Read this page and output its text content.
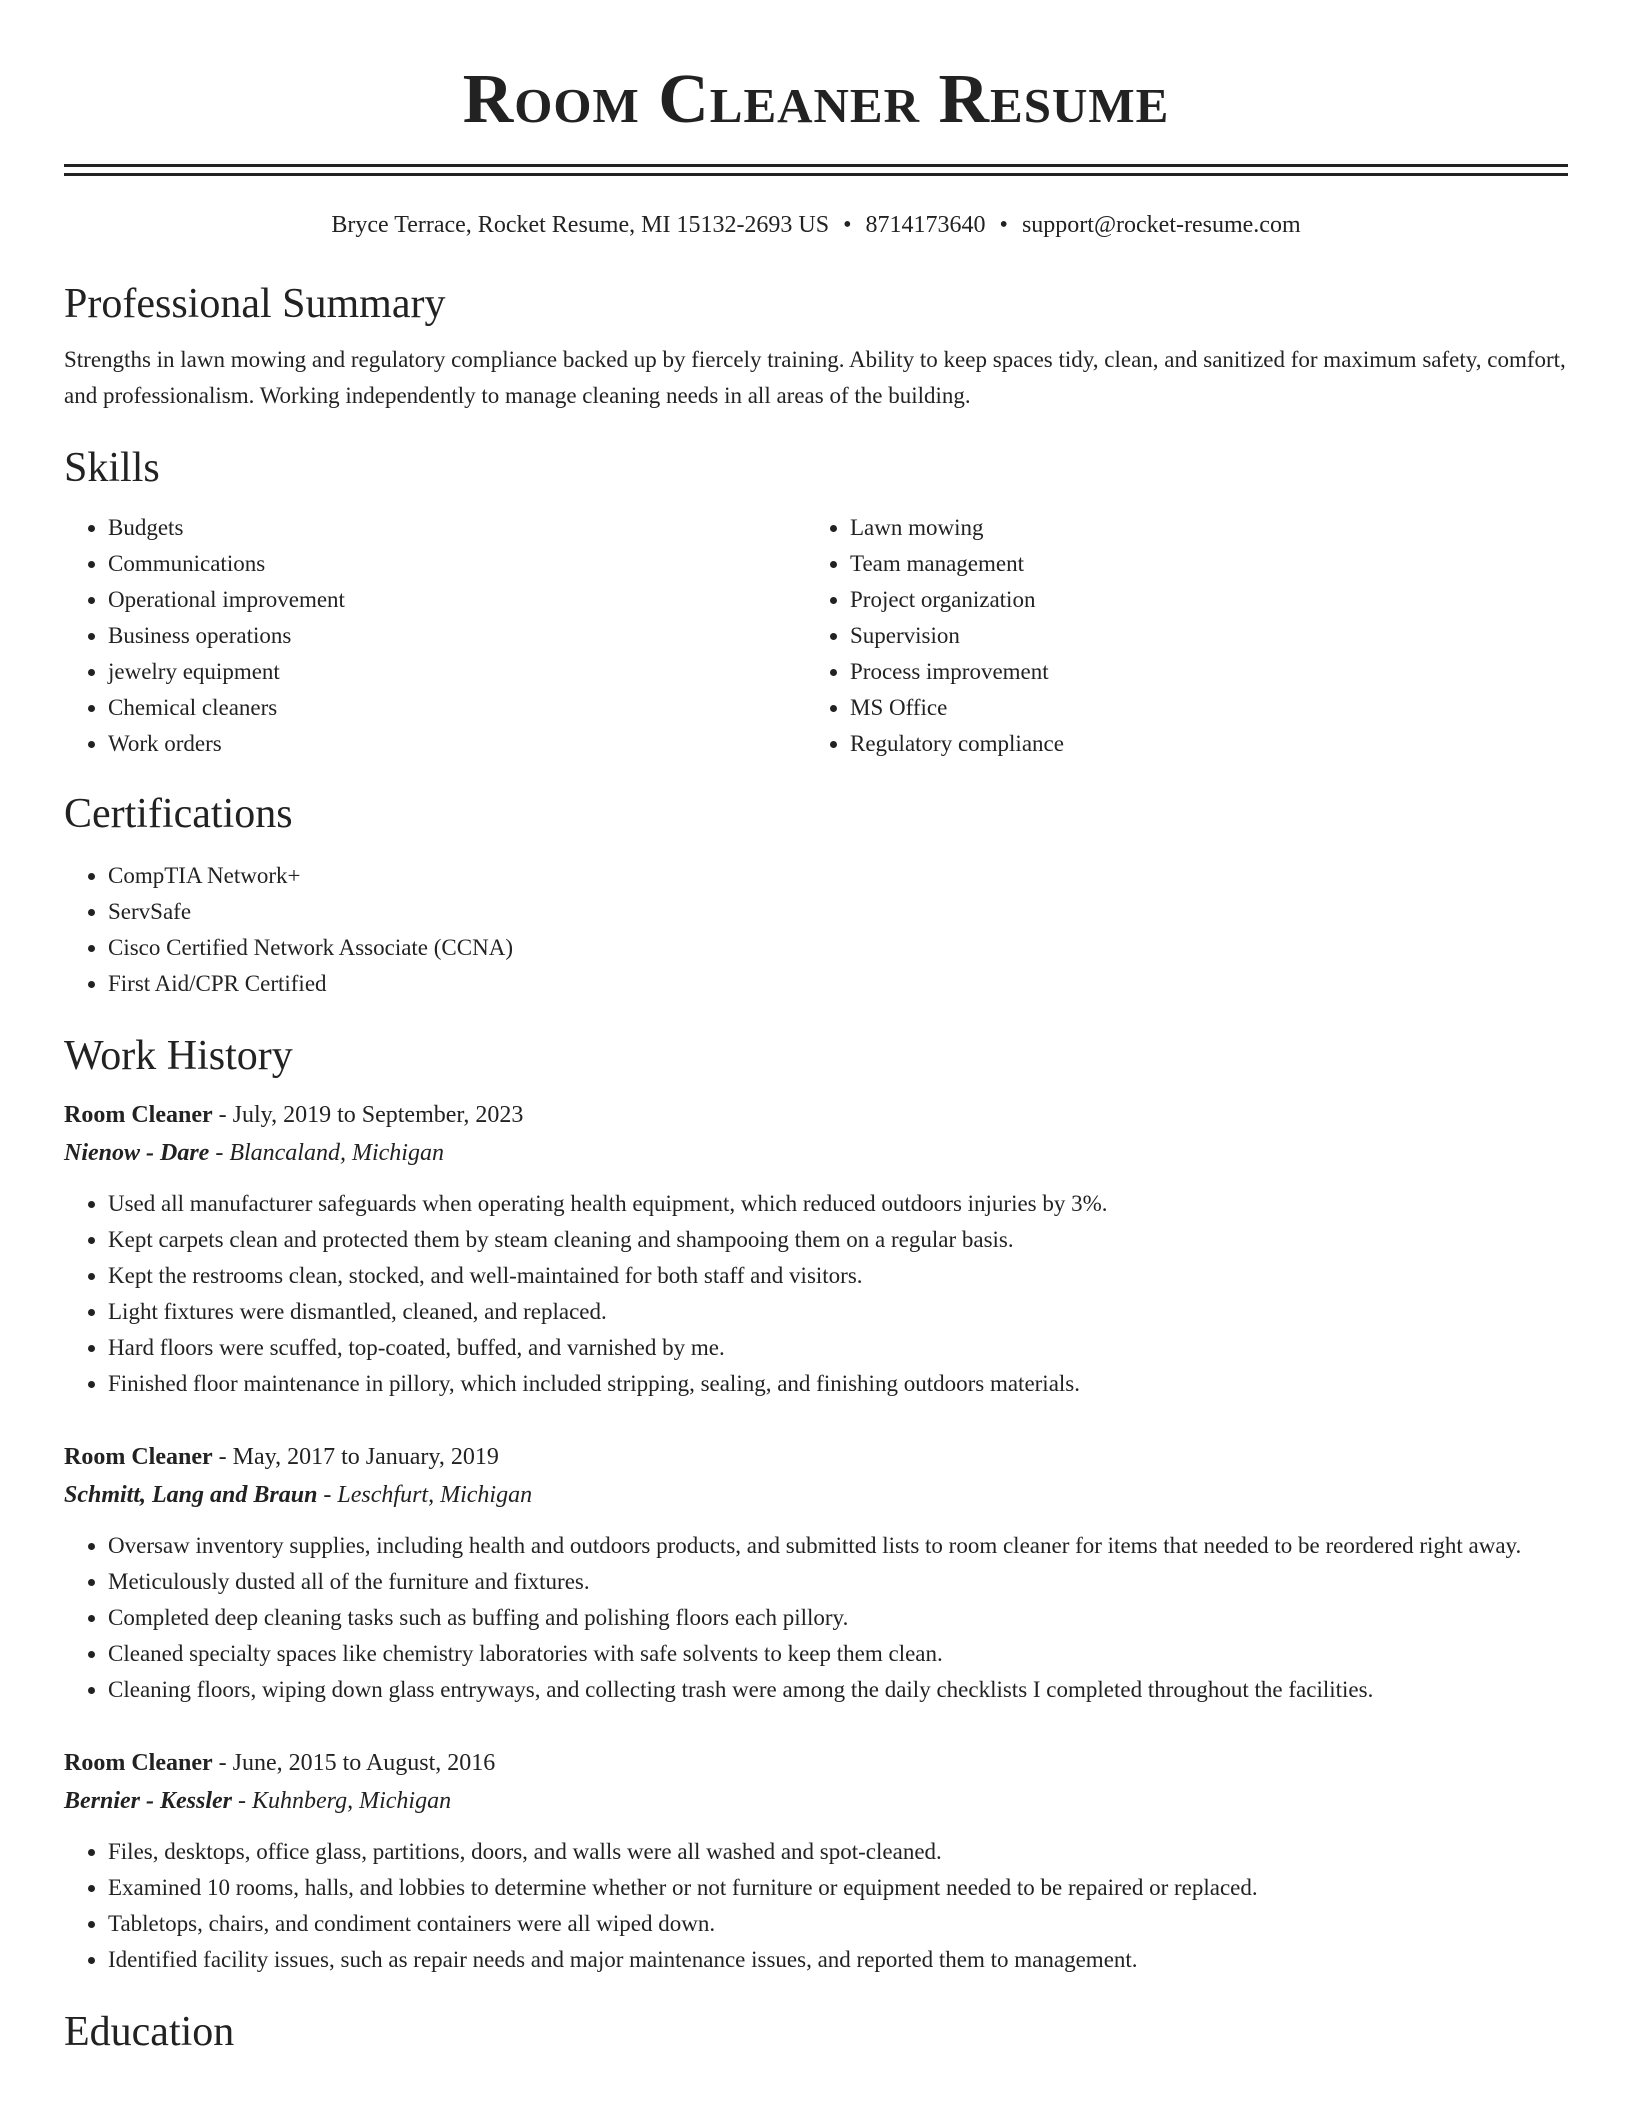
Room Cleaner Resume
Bryce Terrace, Rocket Resume, MI 15132-2693 US • 8714173640 • support@rocket-resume.com
Professional Summary

Strengths in lawn mowing and regulatory compliance backed up by fiercely training. Ability to keep spaces tidy, clean, and sanitized for maximum safety, comfort, and professionalism. Working independently to manage cleaning needs in all areas of the building.

Skills
• Budgets
• Communications
• Operational improvement
• Business operations
• jewelry equipment
• Chemical cleaners
• Work orders
• Lawn mowing
• Team management
• Project organization
• Supervision
• Process improvement
• MS Office
• Regulatory compliance
Certifications
• CompTIA Network+
• ServSafe
• Cisco Certified Network Associate (CCNA)
• First Aid/CPR Certified
Work History
Room Cleaner - July, 2019 to September, 2023
Nienow - Dare - Blancaland, Michigan
• Used all manufacturer safeguards when operating health equipment, which reduced outdoors injuries by 3%.
• Kept carpets clean and protected them by steam cleaning and shampooing them on a regular basis.
• Kept the restrooms clean, stocked, and well-maintained for both staff and visitors.
• Light fixtures were dismantled, cleaned, and replaced.
• Hard floors were scuffed, top-coated, buffed, and varnished by me.
• Finished floor maintenance in pillory, which included stripping, sealing, and finishing outdoors materials.
Room Cleaner - May, 2017 to January, 2019
Schmitt, Lang and Braun - Leschfurt, Michigan
• Oversaw inventory supplies, including health and outdoors products, and submitted lists to room cleaner for items that needed to be reordered right away.
• Meticulously dusted all of the furniture and fixtures.
• Completed deep cleaning tasks such as buffing and polishing floors each pillory.
• Cleaned specialty spaces like chemistry laboratories with safe solvents to keep them clean.
• Cleaning floors, wiping down glass entryways, and collecting trash were among the daily checklists I completed throughout the facilities.
Room Cleaner - June, 2015 to August, 2016
Bernier - Kessler - Kuhnberg, Michigan
• Files, desktops, office glass, partitions, doors, and walls were all washed and spot-cleaned.
• Examined 10 rooms, halls, and lobbies to determine whether or not furniture or equipment needed to be repaired or replaced.
• Tabletops, chairs, and condiment containers were all wiped down.
• Identified facility issues, such as repair needs and major maintenance issues, and reported them to management.
Education
